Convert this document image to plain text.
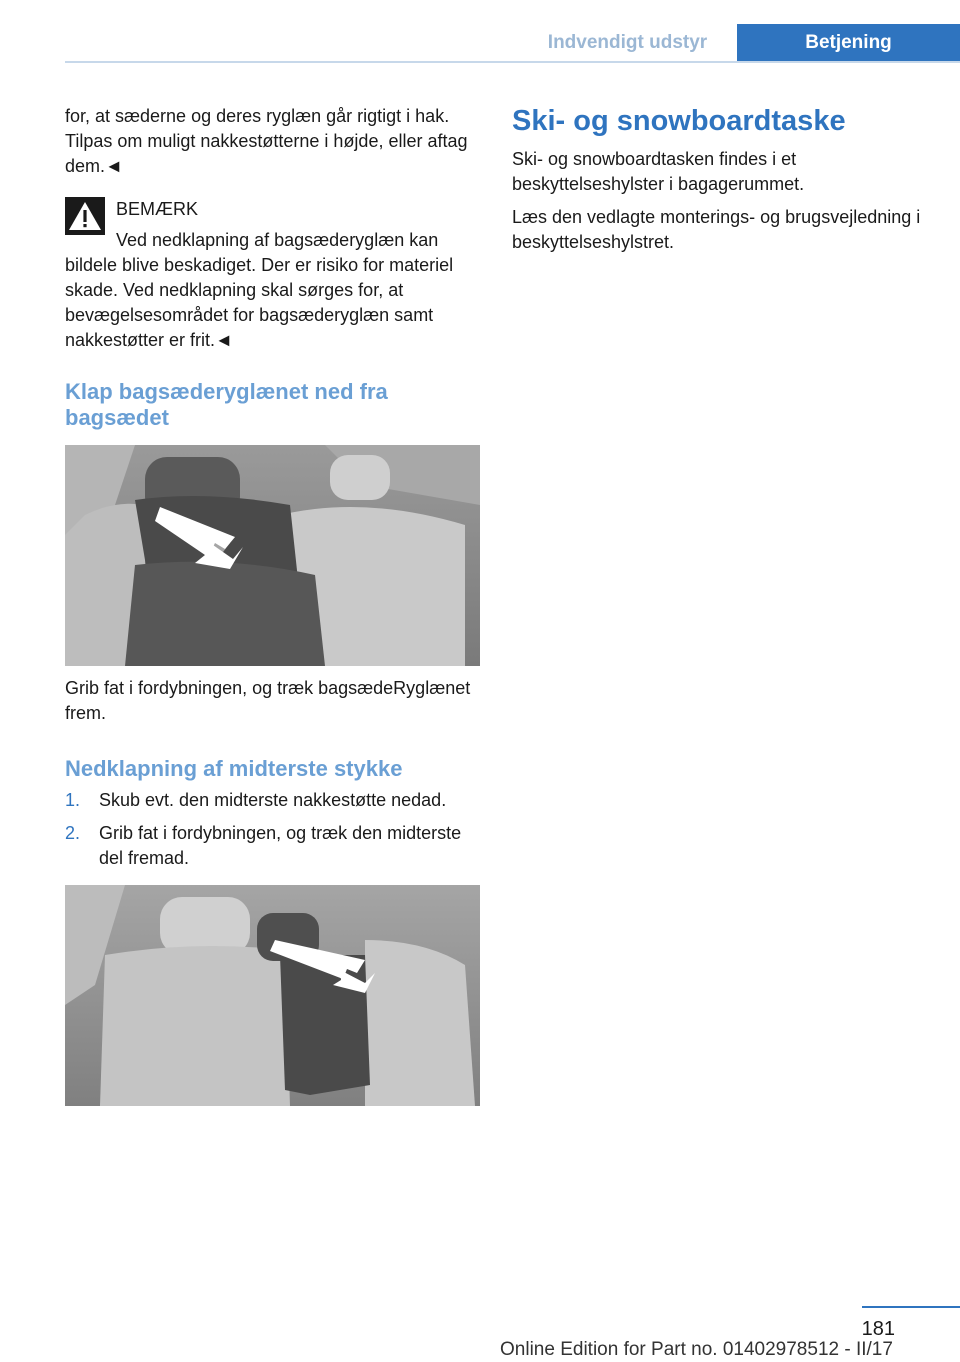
Indvendigt udstyr	Betjening

for, at sæderne og deres ryglæn går rigtigt i hak. Tilpas om muligt nakkestøtterne i højde, eller aftag dem.◄

BEMÆRK

Ved nedklapning af bagsæderyglæn kan bildele blive beskadiget. Der er risiko for materiel skade. Ved nedklapning skal sørges for, at bevægelsesområdet for bagsæderyglæn samt nakkestøtter er frit.◄

Klap bagsæderyglænet ned fra bagsædet

Grib fat i fordybningen, og træk bagsædeRyglænet frem.

Nedklapning af midterste stykke
1.	Skub evt. den midterste nakkestøtte nedad.
2.	Grib fat i fordybningen, og træk den midterste del fremad.
Ski- og snowboardtaske

Ski- og snowboardtasken findes i et beskyttelseshylster i bagagerummet.

Læs den vedlagte monterings- og brugsvejledning i beskyttelseshylstret.

181
Online Edition for Part no. 01402978512 - II/17
